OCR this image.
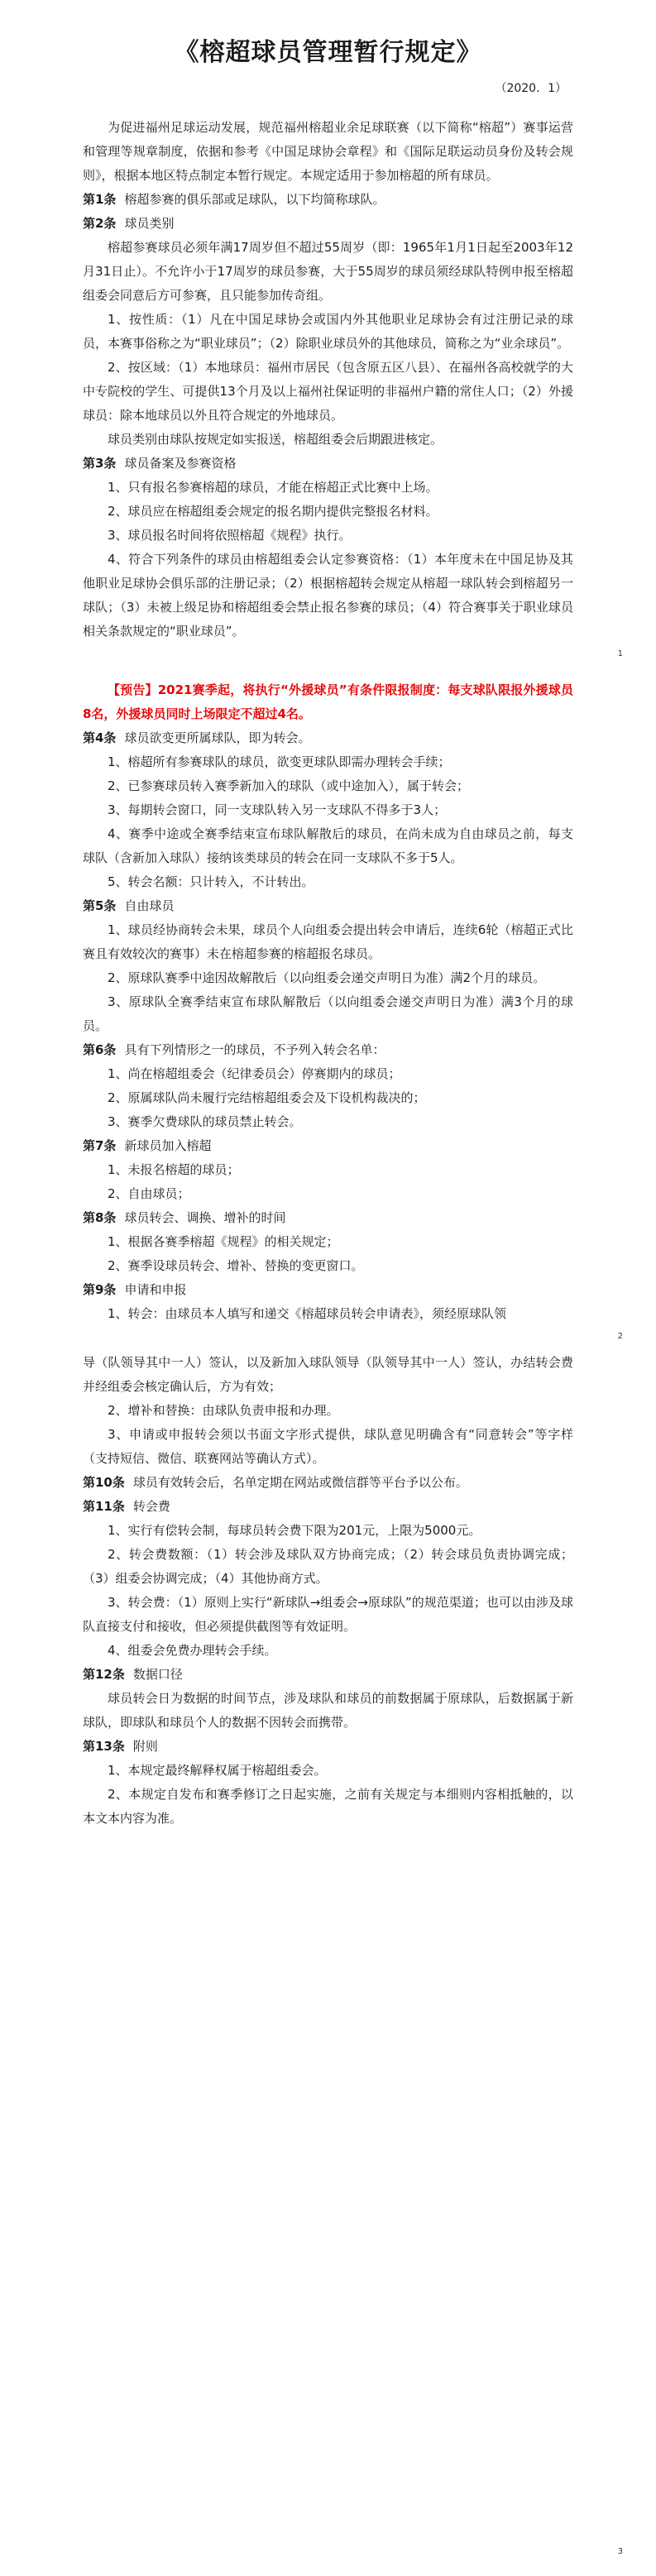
《榕超球员管理暂行规定》
（2020．1）

为促进福州足球运动发展，规范福州榕超业余足球联赛（以下简称“榕超”）赛事运营和管理等规章制度，依据和参考《中国足球协会章程》和《国际足联运动员身份及转会规则》，根据本地区特点制定本暂行规定。本规定适用于参加榕超的所有球员。

第1条 榕超参赛的俱乐部或足球队，以下均简称球队。

第2条 球员类别

榕超参赛球员必须年满17周岁但不超过55周岁（即：1965年1月1日起至2003年12月31日止）。不允许小于17周岁的球员参赛，大于55周岁的球员须经球队特例申报至榕超组委会同意后方可参赛，且只能参加传奇组。

1、按性质：（1）凡在中国足球协会或国内外其他职业足球协会有过注册记录的球员，本赛事俗称之为“职业球员”；（2）除职业球员外的其他球员，简称之为“业余球员”。

2、按区域：（1）本地球员：福州市居民（包含原五区八县）、在福州各高校就学的大中专院校的学生、可提供13个月及以上福州社保证明的非福州户籍的常住人口；（2）外援球员：除本地球员以外且符合规定的外地球员。

球员类别由球队按规定如实报送，榕超组委会后期跟进核定。

第3条 球员备案及参赛资格

1、只有报名参赛榕超的球员，才能在榕超正式比赛中上场。

2、球员应在榕超组委会规定的报名期内提供完整报名材料。

3、球员报名时间将依照榕超《规程》执行。

4、符合下列条件的球员由榕超组委会认定参赛资格：（1）本年度未在中国足协及其他职业足球协会俱乐部的注册记录；（2）根据榕超转会规定从榕超一球队转会到榕超另一球队；（3）未被上级足协和榕超组委会禁止报名参赛的球员；（4）符合赛事关于职业球员相关条款规定的“职业球员”。

1

【预告】2021赛季起，将执行“外援球员”有条件限报制度：每支球队限报外援球员8名，外援球员同时上场限定不超过4名。

第4条 球员欲变更所属球队，即为转会。

1、榕超所有参赛球队的球员，欲变更球队即需办理转会手续；

2、已参赛球员转入赛季新加入的球队（或中途加入），属于转会；

3、每期转会窗口，同一支球队转入另一支球队不得多于3人；

4、赛季中途或全赛季结束宣布球队解散后的球员，在尚未成为自由球员之前，每支球队（含新加入球队）接纳该类球员的转会在同一支球队不多于5人。

5、转会名额：只计转入，不计转出。

第5条 自由球员

1、球员经协商转会未果，球员个人向组委会提出转会申请后，连续6轮（榕超正式比赛且有效较次的赛事）未在榕超参赛的榕超报名球员。

2、原球队赛季中途因故解散后（以向组委会递交声明日为准）满2个月的球员。

3、原球队全赛季结束宣布球队解散后（以向组委会递交声明日为准）满3个月的球员。

第6条 具有下列情形之一的球员，不予列入转会名单：

1、尚在榕超组委会（纪律委员会）停赛期内的球员；

2、原属球队尚未履行完结榕超组委会及下设机构裁决的；

3、赛季欠费球队的球员禁止转会。

第7条 新球员加入榕超

1、未报名榕超的球员；

2、自由球员；

第8条 球员转会、调换、增补的时间

1、根据各赛季榕超《规程》的相关规定；

2、赛季设球员转会、增补、替换的变更窗口。

第9条 申请和申报

1、转会：由球员本人填写和递交《榕超球员转会申请表》，须经原球队领

2

导（队领导其中一人）签认，以及新加入球队领导（队领导其中一人）签认，办结转会费并经组委会核定确认后，方为有效；

2、增补和替换：由球队负责申报和办理。

3、申请或申报转会须以书面文字形式提供，球队意见明确含有“同意转会”等字样（支持短信、微信、联赛网站等确认方式）。

第10条 球员有效转会后，名单定期在网站或微信群等平台予以公布。

第11条 转会费

1、实行有偿转会制，每球员转会费下限为201元，上限为5000元。

2、转会费数额：（1）转会涉及球队双方协商完成；（2）转会球员负责协调完成；（3）组委会协调完成；（4）其他协商方式。

3、转会费：（1）原则上实行“新球队→组委会→原球队”的规范渠道；也可以由涉及球队直接支付和接收，但必须提供截图等有效证明。

4、组委会免费办理转会手续。

第12条 数据口径

球员转会日为数据的时间节点，涉及球队和球员的前数据属于原球队，后数据属于新球队，即球队和球员个人的数据不因转会而携带。

第13条 附则

1、本规定最终解释权属于榕超组委会。

2、本规定自发布和赛季修订之日起实施，之前有关规定与本细则内容相抵触的，以本文本内容为准。

3
